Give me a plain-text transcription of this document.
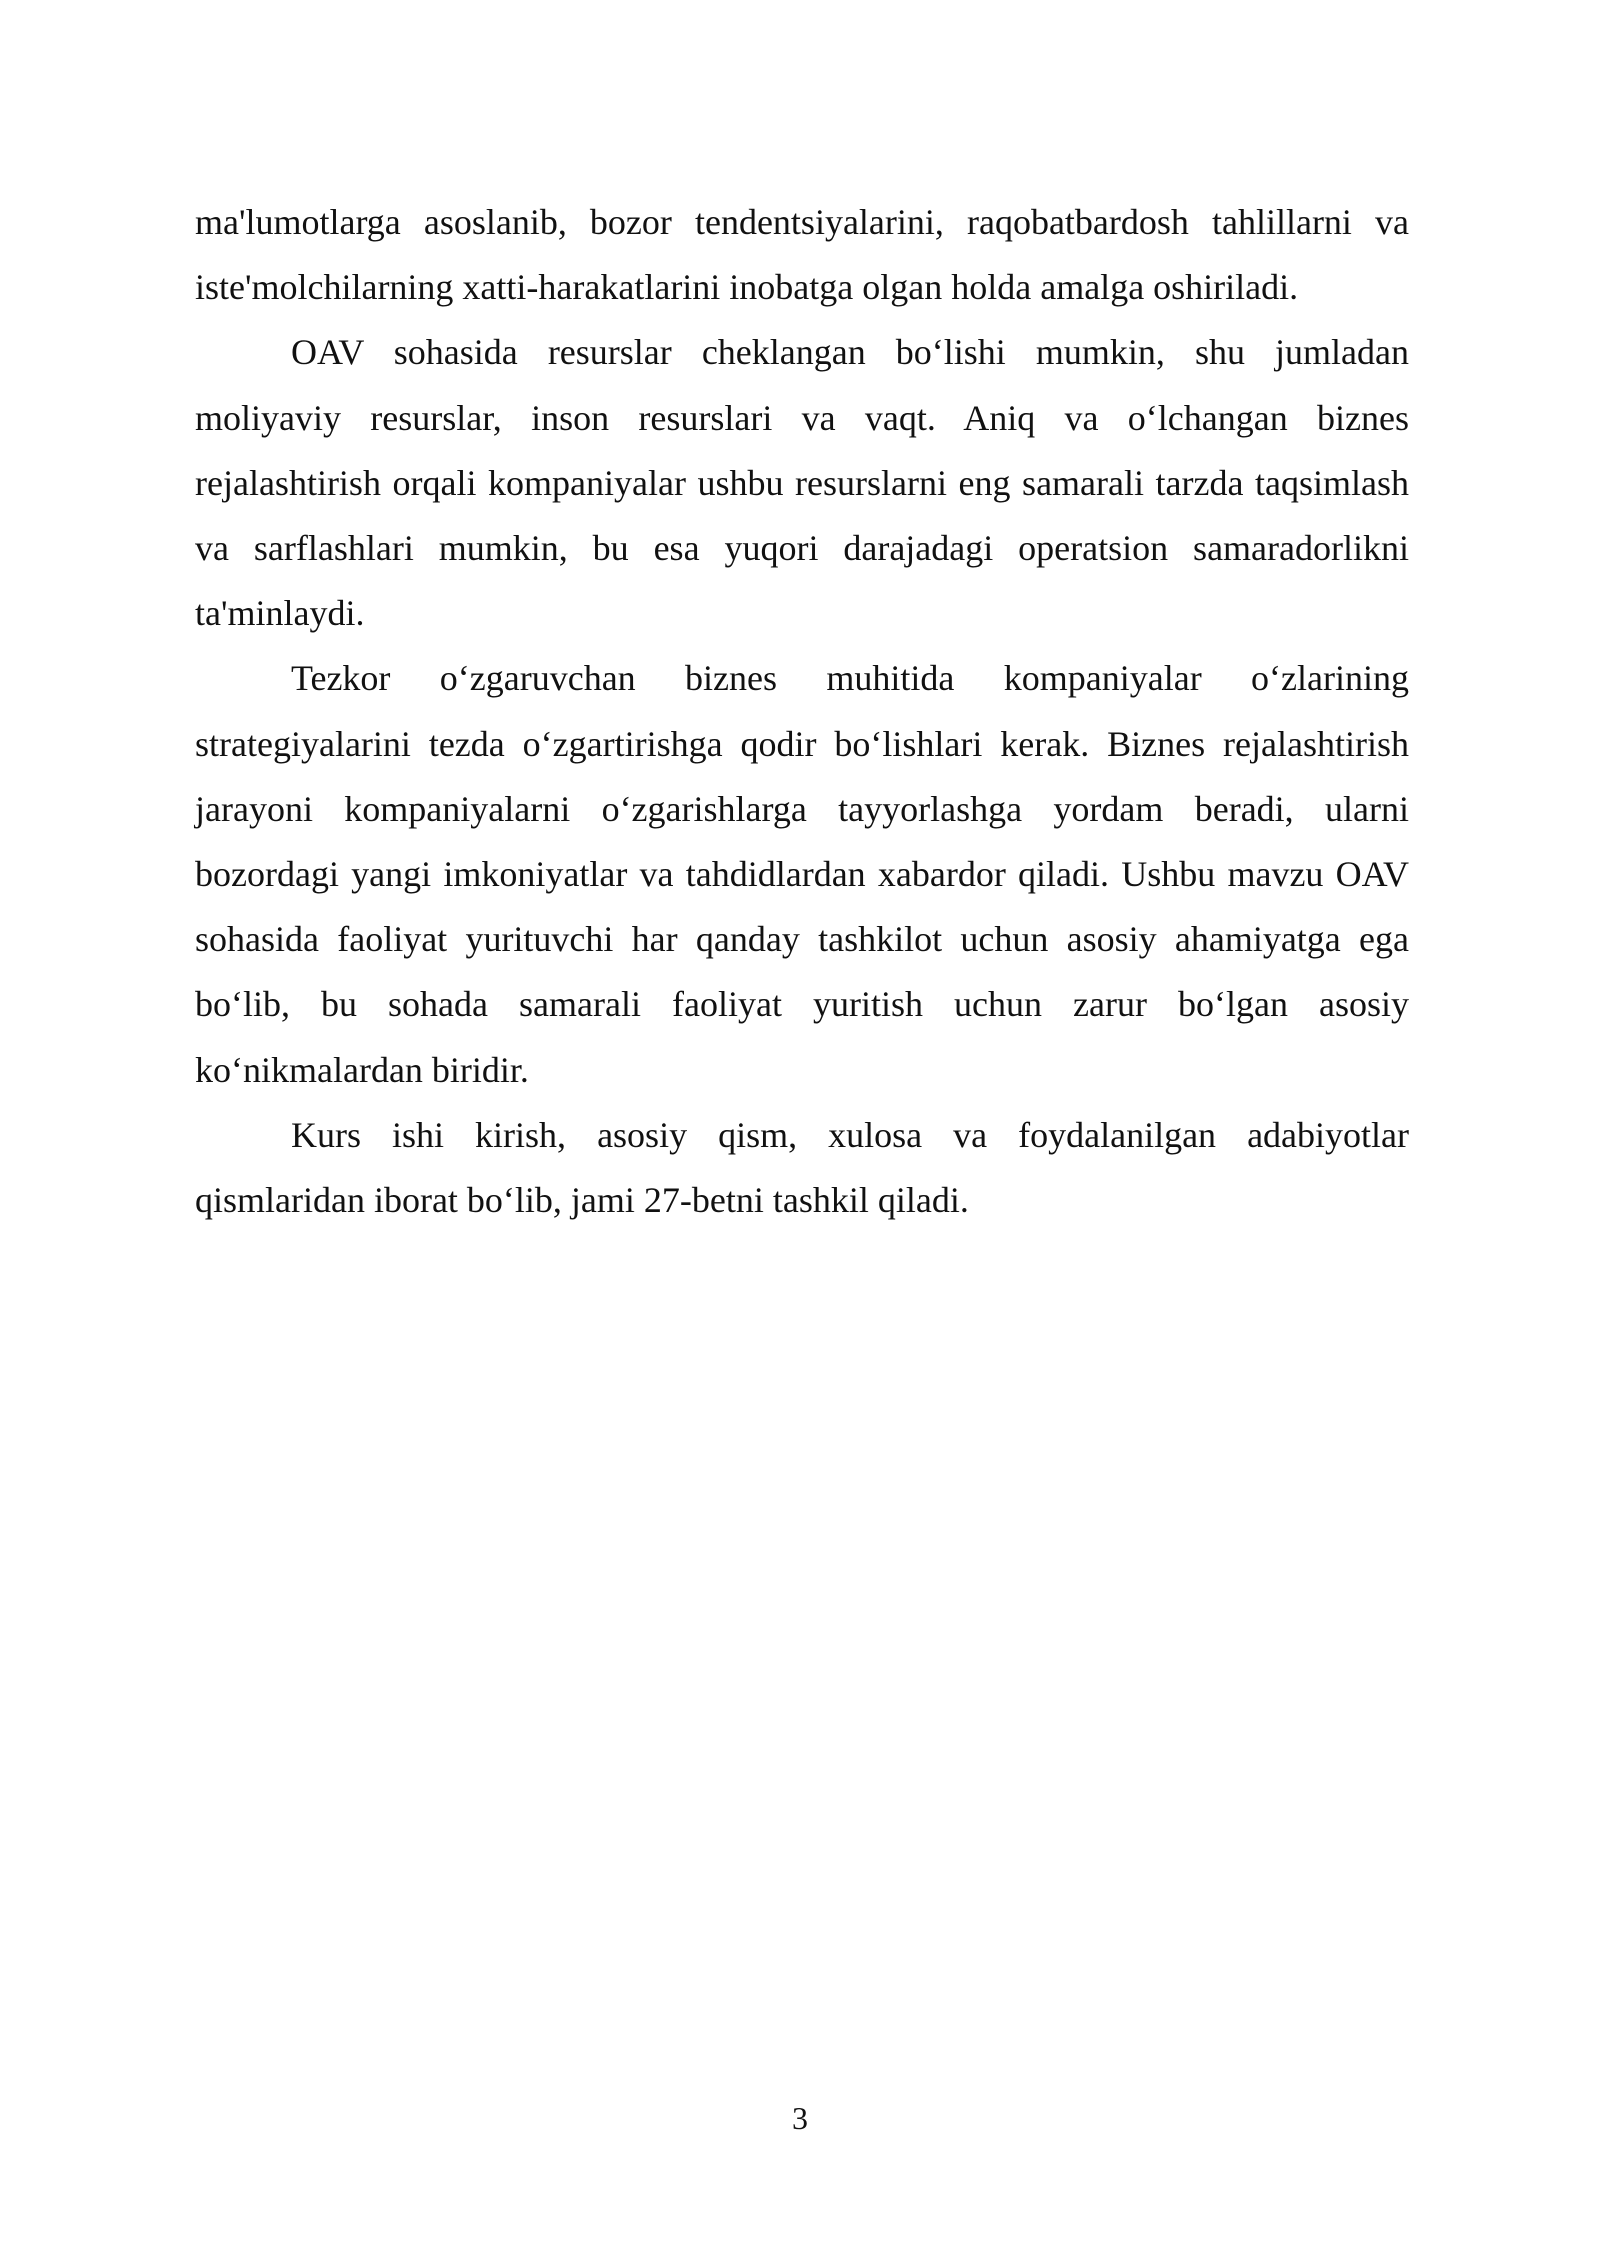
ma'lumotlarga asoslanib, bozor tendentsiyalarini, raqobatbardosh tahlillarni va iste'molchilarning xatti-harakatlarini inobatga olgan holda amalga oshiriladi.

OAV sohasida resurslar cheklangan bo‘lishi mumkin, shu jumladan moliyaviy resurslar, inson resurslari va vaqt. Aniq va o‘lchangan biznes rejalashtirish orqali kompaniyalar ushbu resurslarni eng samarali tarzda taqsimlash va sarflashlari mumkin, bu esa yuqori darajadagi operatsion samaradorlikni ta'minlaydi.

Tezkor o‘zgaruvchan biznes muhitida kompaniyalar o‘zlarining strategiyalarini tezda o‘zgartirishga qodir bo‘lishlari kerak. Biznes rejalashtirish jarayoni kompaniyalarni o‘zgarishlarga tayyorlashga yordam beradi, ularni bozordagi yangi imkoniyatlar va tahdidlardan xabardor qiladi. Ushbu mavzu OAV sohasida faoliyat yurituvchi har qanday tashkilot uchun asosiy ahamiyatga ega bo‘lib, bu sohada samarali faoliyat yuritish uchun zarur bo‘lgan asosiy ko‘nikmalardan biridir.

Kurs ishi kirish, asosiy qism, xulosa va foydalanilgan adabiyotlar qismlaridan iborat bo‘lib, jami 27-betni tashkil qiladi.

3
